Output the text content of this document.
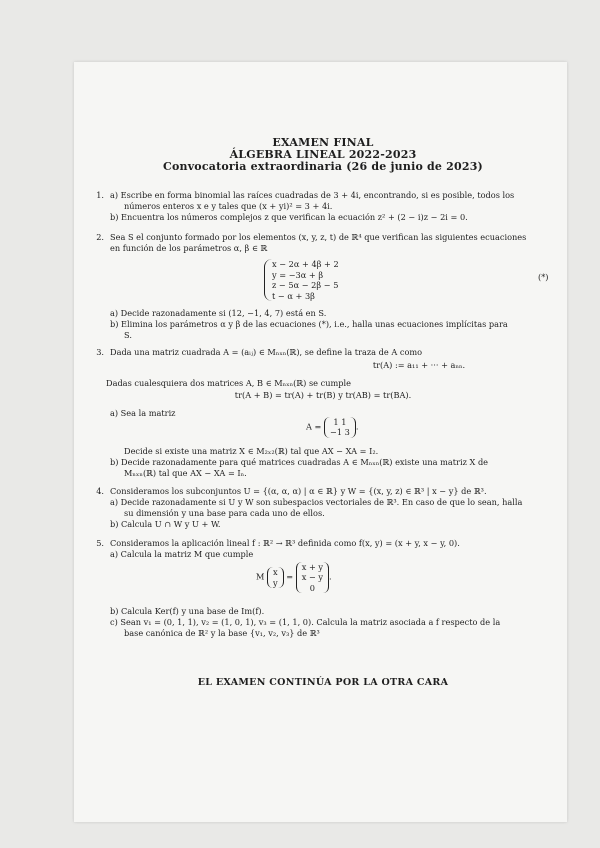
EXAMEN FINAL
ÁLGEBRA LINEAL 2022-2023
Convocatoria extraordinaria (26 de junio de 2023)
1. a) Escribe en forma binomial las raíces cuadradas de 3 + 4i, encontrando, si es posible, todos los
números enteros x e y tales que (x + yi)² = 3 + 4i.
b) Encuentra los números complejos z que verifican la ecuación z² + (2 − i)z − 2i = 0.
2. Sea S el conjunto formado por los elementos (x, y, z, t) de ℝ⁴ que verifican las siguientes ecuaciones
en función de los parámetros α, β ∈ ℝ
x − 2α + 4β + 2
y = −3α + β
z − 5α − 2β − 5
t − α + 3β
(*)
a) Decide razonadamente si (12, −1, 4, 7) está en S.
b) Elimina los parámetros α y β de las ecuaciones (*), i.e., halla unas ecuaciones implícitas para
S.
3. Dada una matriz cuadrada A = (aᵢⱼ) ∈ Mₙₓₙ(ℝ), se define la traza de A como
tr(A) := a₁₁ + ··· + aₙₙ.
Dadas cualesquiera dos matrices A, B ∈ Mₙₓₙ(ℝ) se cumple
tr(A + B) = tr(A) + tr(B) y tr(AB) = tr(BA).
a) Sea la matriz
A =	1 1
−1 3
.
Decide si existe una matriz X ∈ M₂ₓ₂(ℝ) tal que AX − XA = I₂.
b) Decide razonadamente para qué matrices cuadradas A ∈ Mₙₓₙ(ℝ) existe una matriz X de
Mₙₓₙ(ℝ) tal que AX − XA = Iₙ.
4. Consideramos los subconjuntos U = {(α, α, α) | α ∈ ℝ} y W = {(x, y, z) ∈ ℝ³ | x − y} de ℝ³.
a) Decide razonadamente si U y W son subespacios vectoriales de ℝ³. En caso de que lo sean, halla
su dimensión y una base para cada uno de ellos.
b) Calcula U ∩ W y U + W.
5. Consideramos la aplicación lineal f : ℝ² → ℝ³ definida como f(x, y) = (x + y, x − y, 0).
a) Calcula la matriz M que cumple
M x
y
=
x + y
x − y
0
.
b) Calcula Ker(f) y una base de Im(f).
c) Sean v₁ = (0, 1, 1), v₂ = (1, 0, 1), v₃ = (1, 1, 0). Calcula la matriz asociada a f respecto de la
base canónica de ℝ² y la base {v₁, v₂, v₃} de ℝ³
EL EXAMEN CONTINÚA POR LA OTRA CARA
